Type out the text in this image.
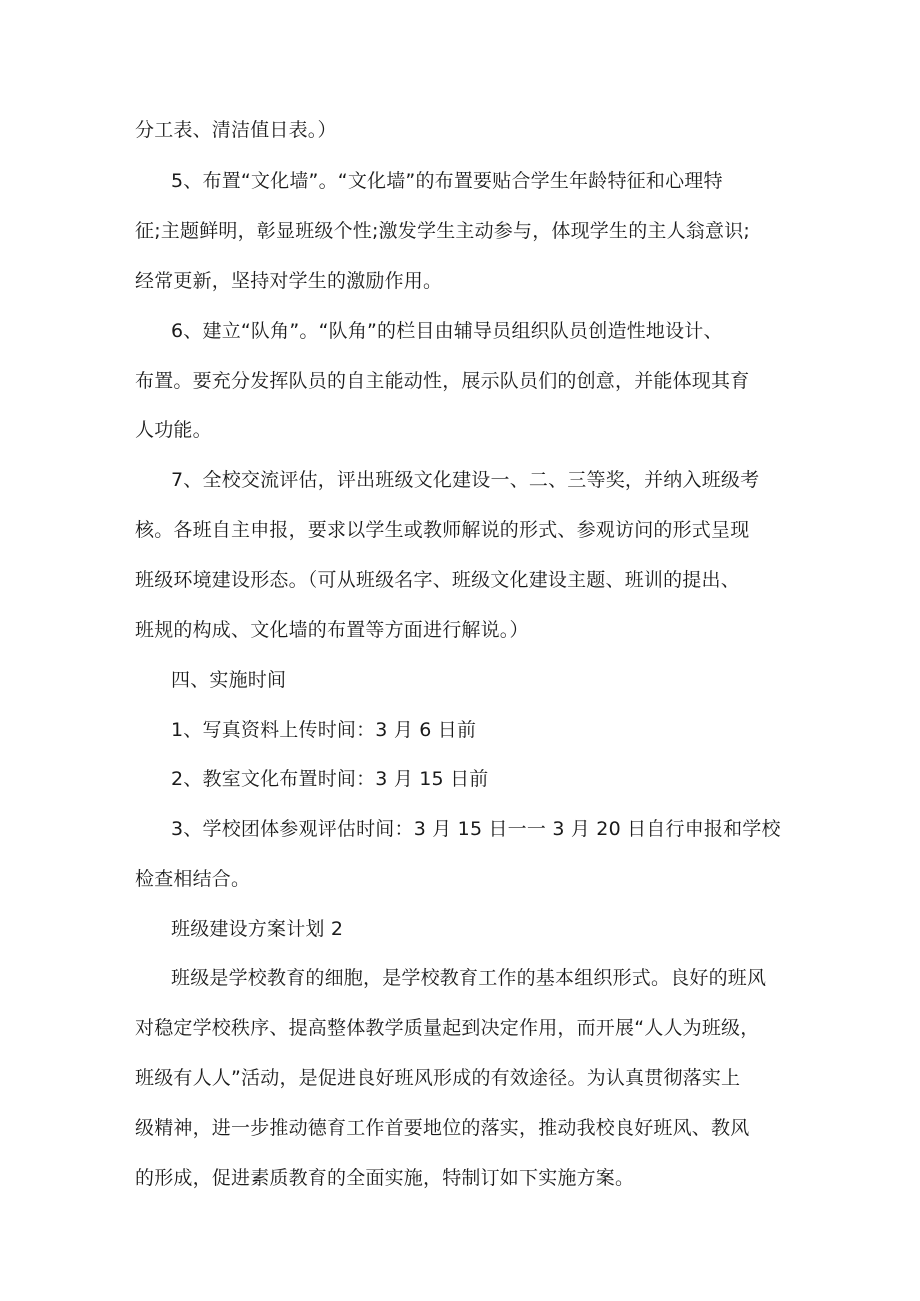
分工表、清洁值日表。）
5、布置“文化墙”。“文化墙”的布置要贴合学生年龄特征和心理特
征;主题鲜明，彰显班级个性;激发学生主动参与，体现学生的主人翁意识;
经常更新，坚持对学生的激励作用。
6、建立“队角”。“队角”的栏目由辅导员组织队员创造性地设计、
布置。要充分发挥队员的自主能动性，展示队员们的创意，并能体现其育
人功能。
7、全校交流评估，评出班级文化建设一、二、三等奖，并纳入班级考
核。各班自主申报，要求以学生或教师解说的形式、参观访问的形式呈现
班级环境建设形态。（可从班级名字、班级文化建设主题、班训的提出、
班规的构成、文化墙的布置等方面进行解说。）
四、实施时间
1、写真资料上传时间：3 月 6 日前
2、教室文化布置时间：3 月 15 日前
3、学校团体参观评估时间：3 月 15 日一一 3 月 20 日自行申报和学校
检查相结合。
班级建设方案计划 2
班级是学校教育的细胞，是学校教育工作的基本组织形式。良好的班风
对稳定学校秩序、提高整体教学质量起到决定作用，而开展“人人为班级，
班级有人人”活动，是促进良好班风形成的有效途径。为认真贯彻落实上
级精神，进一步推动德育工作首要地位的落实，推动我校良好班风、教风
的形成，促进素质教育的全面实施，特制订如下实施方案。
